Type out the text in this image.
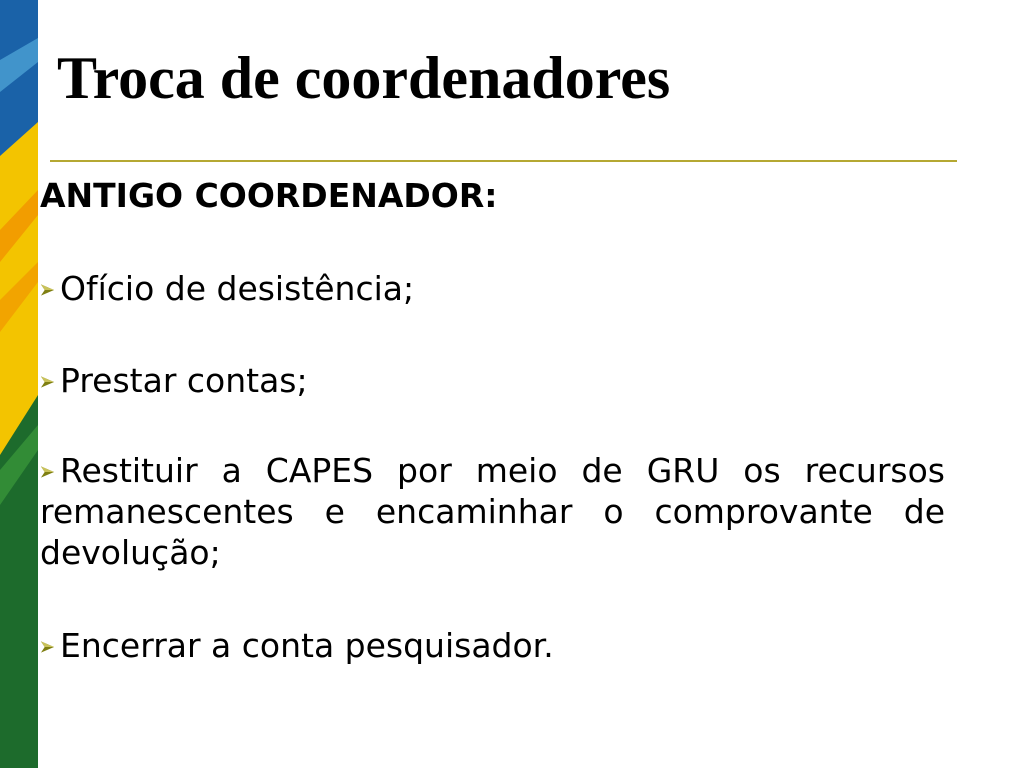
Troca de coordenadores

ANTIGO COORDENADOR:

Ofício de desistência;

Prestar contas;

Restituir a CAPES por meio de GRU os recursos remanescentes e encaminhar o comprovante de devolução;

Encerrar a conta pesquisador.
